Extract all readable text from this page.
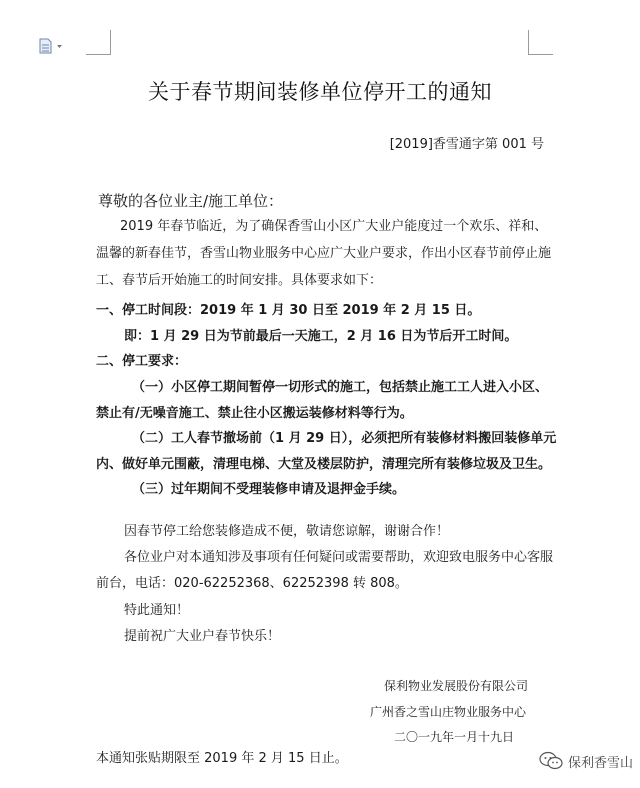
关于春节期间装修单位停开工的通知
[2019]香雪通字第 001 号
尊敬的各位业主/施工单位：
2019 年春节临近，为了确保香雪山小区广大业户能度过一个欢乐、祥和、
温馨的新春佳节，香雪山物业服务中心应广大业户要求，作出小区春节前停止施
工、春节后开始施工的时间安排。具体要求如下：
一、停工时间段：2019 年 1 月 30 日至 2019 年 2 月 15 日。
即：1 月 29 日为节前最后一天施工，2 月 16 日为节后开工时间。
二、停工要求：
（一）小区停工期间暂停一切形式的施工，包括禁止施工工人进入小区、
禁止有/无噪音施工、禁止往小区搬运装修材料等行为。
（二）工人春节撤场前（1 月 29 日），必须把所有装修材料搬回装修单元
内、做好单元围蔽，清理电梯、大堂及楼层防护，清理完所有装修垃圾及卫生。
（三）过年期间不受理装修申请及退押金手续。
因春节停工给您装修造成不便，敬请您谅解，谢谢合作！
各位业户对本通知涉及事项有任何疑问或需要帮助，欢迎致电服务中心客服
前台，电话：020-62252368、62252398 转 808。
特此通知！
提前祝广大业户春节快乐！
保利物业发展股份有限公司
广州香之雪山庄物业服务中心
二〇一九年一月十九日
本通知张贴期限至 2019 年 2 月 15 日止。	保利香雪山
